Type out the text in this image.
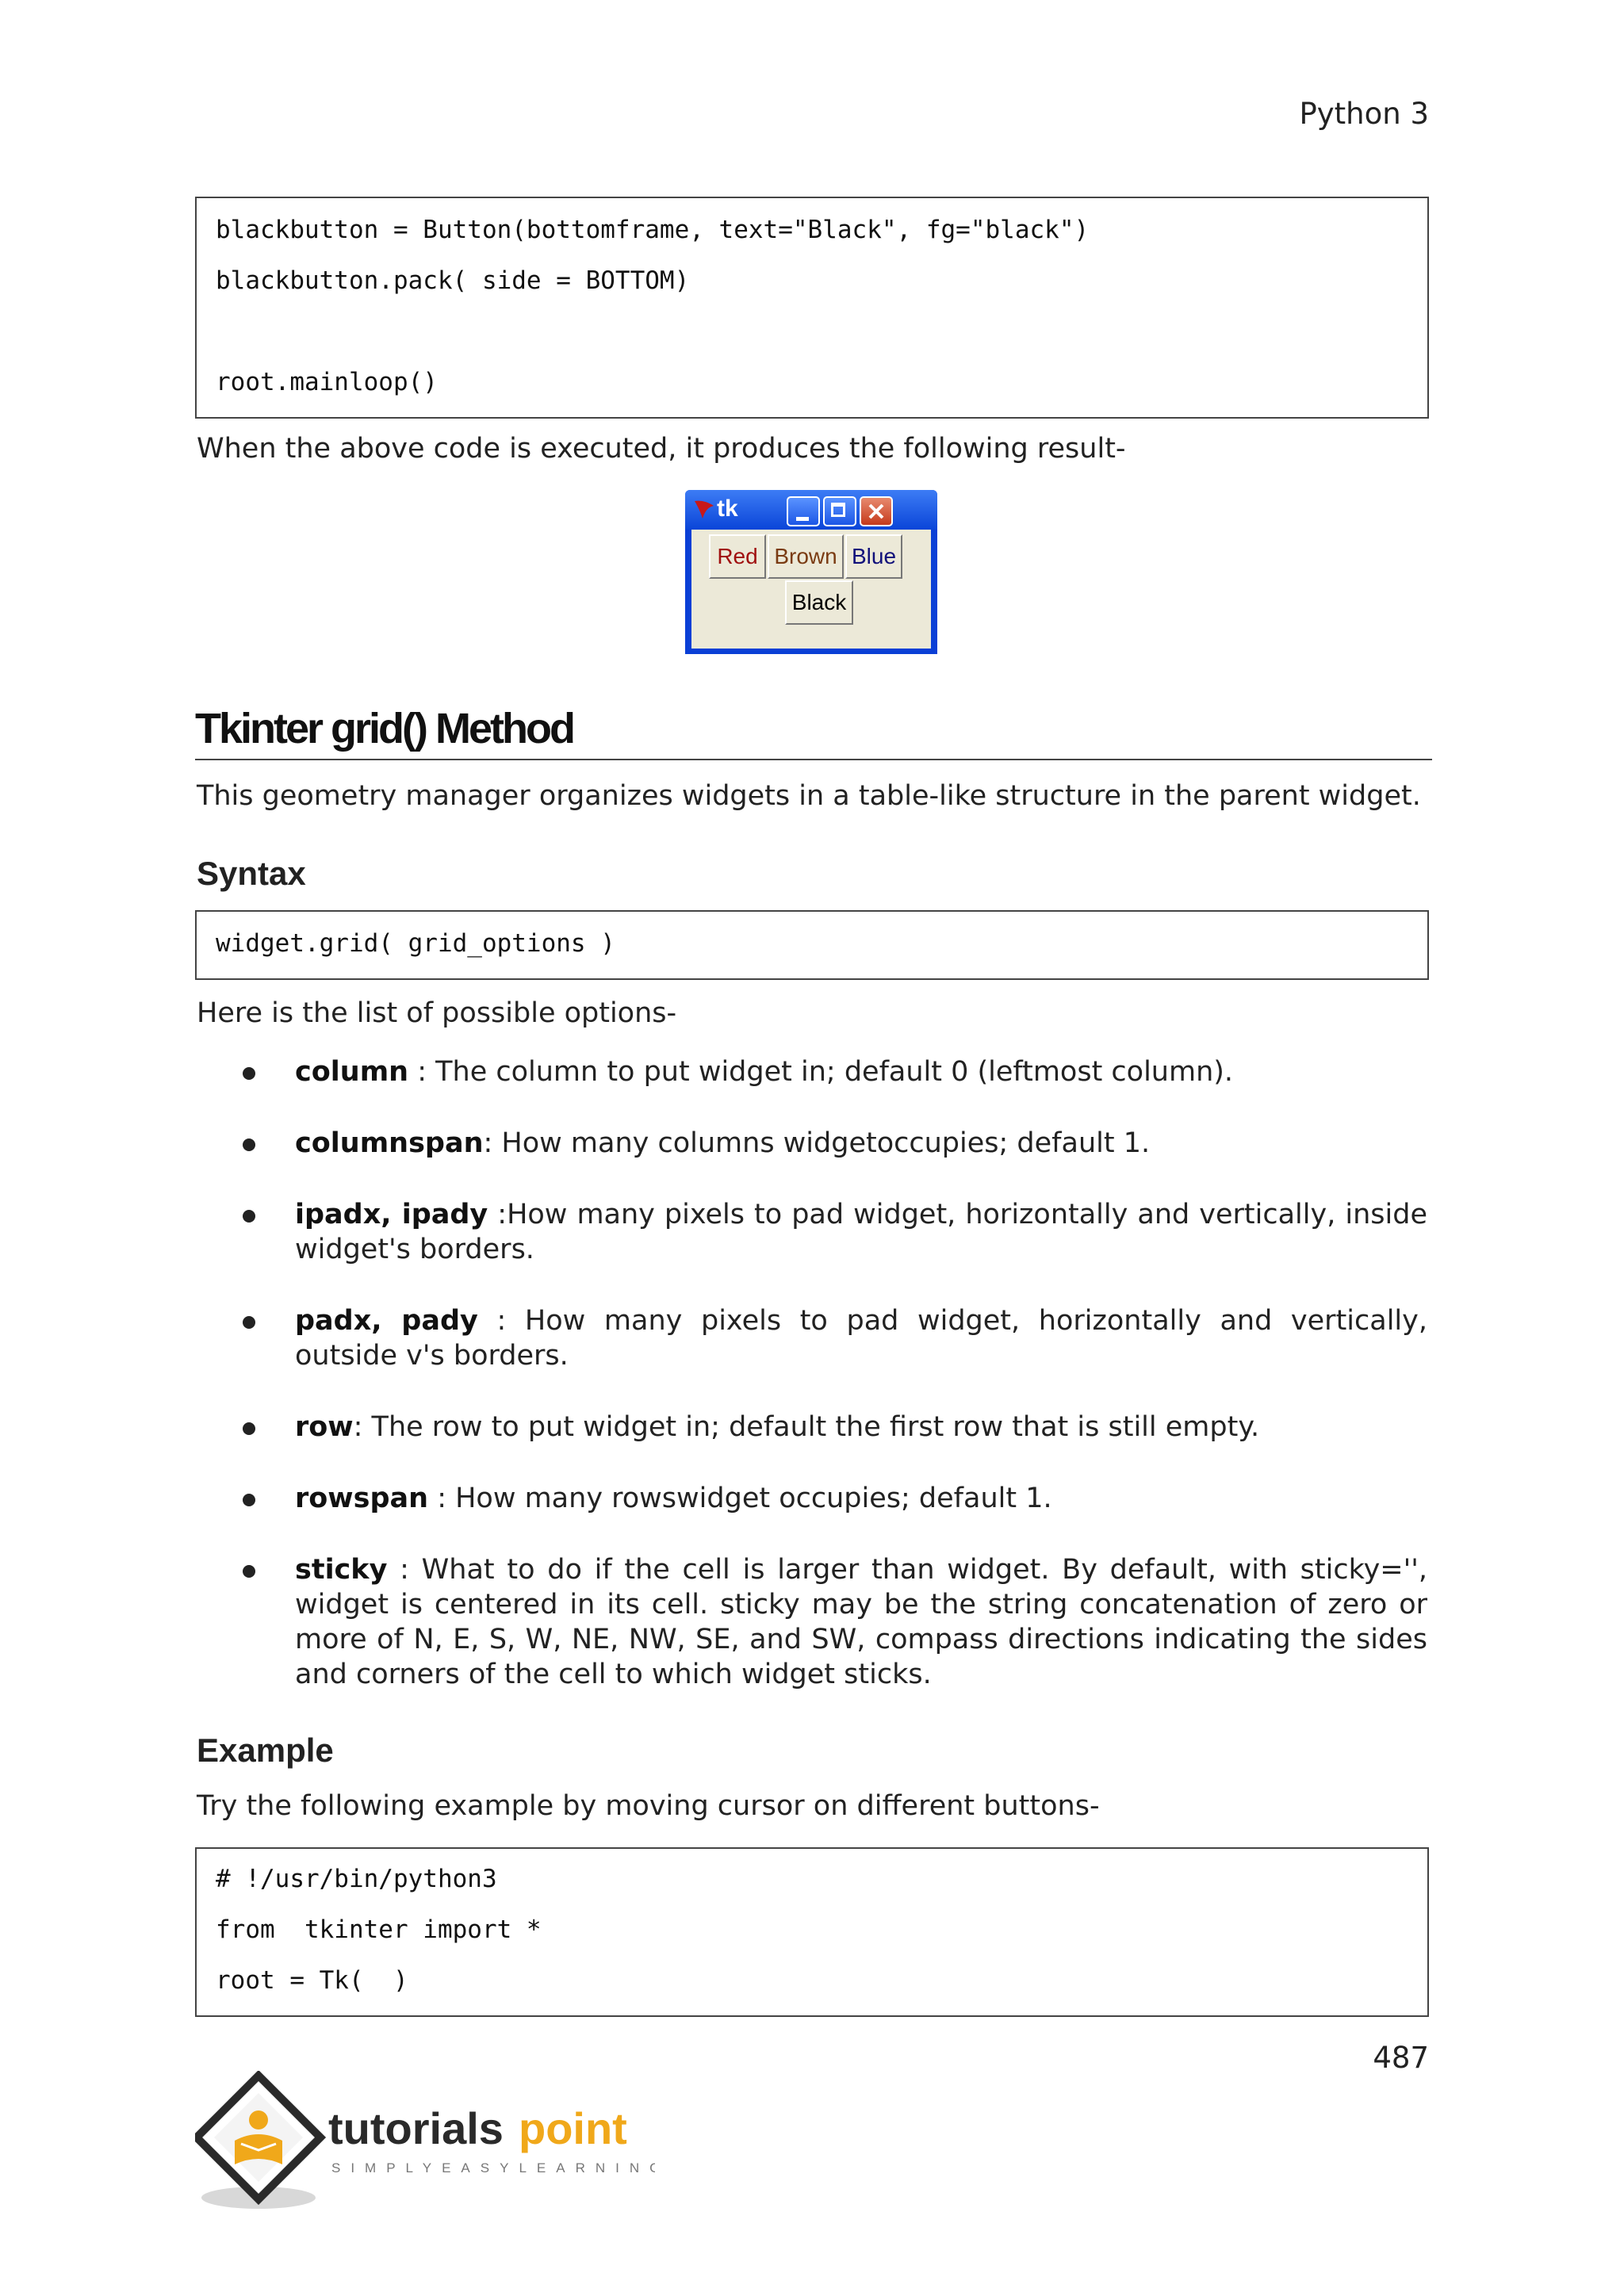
Python 3
blackbutton = Button(bottomframe, text="Black", fg="black")
blackbutton.pack( side = BOTTOM)
root.mainloop()
When the above code is executed, it produces the following result-
tk
Red Brown Blue
Black
Tkinter grid() Method
This geometry manager organizes widgets in a table-like structure in the parent widget.
Syntax
widget.grid( grid_options )
Here is the list of possible options-
column : The column to put widget in; default 0 (leftmost column).
columnspan: How many columns widgetoccupies; default 1.
ipadx, ipady :How many pixels to pad widget, horizontally and vertically, inside widget's borders.
padx, pady : How many pixels to pad widget, horizontally and vertically, outside v's borders.
row: The row to put widget in; default the first row that is still empty.
rowspan : How many rowswidget occupies; default 1.
sticky : What to do if the cell is larger than widget. By default, with sticky='', widget is centered in its cell. sticky may be the string concatenation of zero or more of N, E, S, W, NE, NW, SE, and SW, compass directions indicating the sides and corners of the cell to which widget sticks.
Example
Try the following example by moving cursor on different buttons-
# !/usr/bin/python3
from  tkinter import *
root = Tk(  )
487
tutorials point
SIMPLYEASYLEARNING
